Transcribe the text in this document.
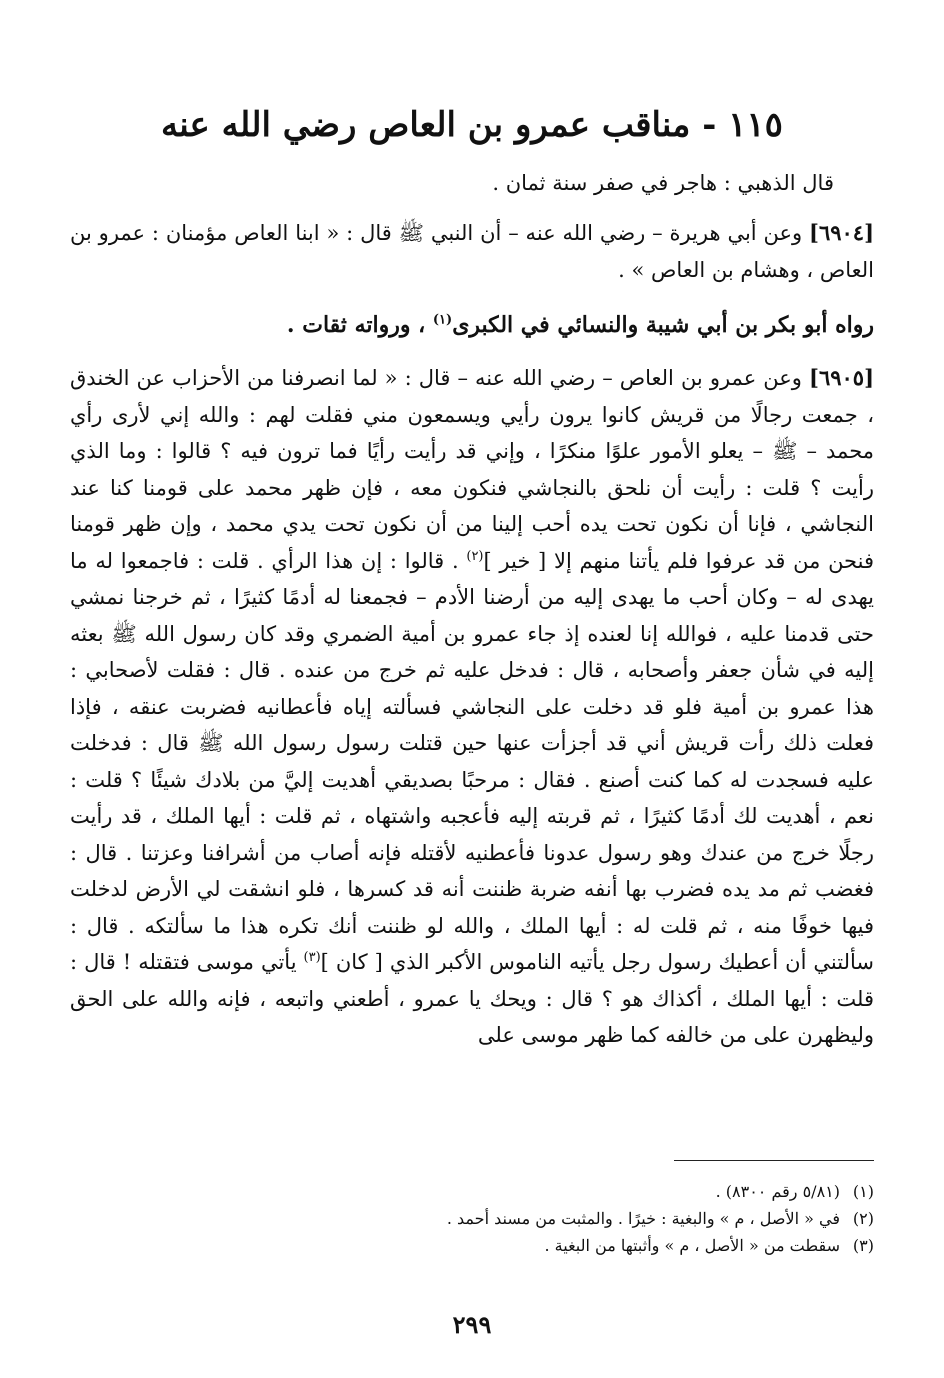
١١٥ - مناقب عمرو بن العاص رضي الله عنه
قال الذهبي : هاجر في صفر سنة ثمان .
[٦٩٠٤] وعن أبي هريرة – رضي الله عنه – أن النبي ﷺ قال : « ابنا العاص مؤمنان : عمرو بن العاص ، وهشام بن العاص » .
رواه أبو بكر بن أبي شيبة والنسائي في الكبرى$^{(١)}$ ، ورواته ثقات .
[٦٩٠٥] وعن عمرو بن العاص – رضي الله عنه – قال : « لما انصرفنا من الأحزاب عن الخندق ، جمعت رجالًا من قريش كانوا يرون رأيي ويسمعون مني فقلت لهم : والله إني لأرى رأي محمد – ﷺ – يعلو الأمور علوًا منكرًا ، وإني قد رأيت رأيًا فما ترون فيه ؟ قالوا : وما الذي رأيت ؟ قلت : رأيت أن نلحق بالنجاشي فنكون معه ، فإن ظهر محمد على قومنا كنا عند النجاشي ، فإنا أن نكون تحت يده أحب إلينا من أن نكون تحت يدي محمد ، وإن ظهر قومنا فنحن من قد عرفوا فلم يأتنا منهم إلا [ خير ]$^{(٢)}$ . قالوا : إن هذا الرأي . قلت : فاجمعوا له ما يهدى له – وكان أحب ما يهدى إليه من أرضنا الأدم – فجمعنا له أدمًا كثيرًا ، ثم خرجنا نمشي حتى قدمنا عليه ، فوالله إنا لعنده إذ جاء عمرو بن أمية الضمري وقد كان رسول الله ﷺ بعثه إليه في شأن جعفر وأصحابه ، قال : فدخل عليه ثم خرج من عنده . قال : فقلت لأصحابي : هذا عمرو بن أمية فلو قد دخلت على النجاشي فسألته إياه فأعطانيه فضربت عنقه ، فإذا فعلت ذلك رأت قريش أني قد أجزأت عنها حين قتلت رسول رسول الله ﷺ قال : فدخلت عليه فسجدت له كما كنت أصنع . فقال : مرحبًا بصديقي أهديت إليَّ من بلادك شيئًا ؟ قلت : نعم ، أهديت لك أدمًا كثيرًا ، ثم قربته إليه فأعجبه واشتهاه ، ثم قلت : أيها الملك ، قد رأيت رجلًا خرج من عندك وهو رسول عدونا فأعطنيه لأقتله فإنه أصاب من أشرافنا وعزتنا . قال : فغضب ثم مد يده فضرب بها أنفه ضربة ظننت أنه قد كسرها ، فلو انشقت لي الأرض لدخلت فيها خوفًا منه ، ثم قلت له : أيها الملك ، والله لو ظننت أنك تكره هذا ما سألتكه . قال : سألتني أن أعطيك رسول رجل يأتيه الناموس الأكبر الذي [ كان ]$^{(٣)}$ يأتي موسى فتقتله ! قال : قلت : أيها الملك ، أكذاك هو ؟ قال : ويحك يا عمرو ، أطعني واتبعه ، فإنه والله على الحق وليظهرن على من خالفه كما ظهر موسى على
(١)(٥/٨١ رقم ٨٣٠٠) .
(٢)في « الأصل ، م » والبغية : خيرًا . والمثبت من مسند أحمد .
(٣)سقطت من « الأصل ، م » وأثبتها من البغية .
٢٩٩
